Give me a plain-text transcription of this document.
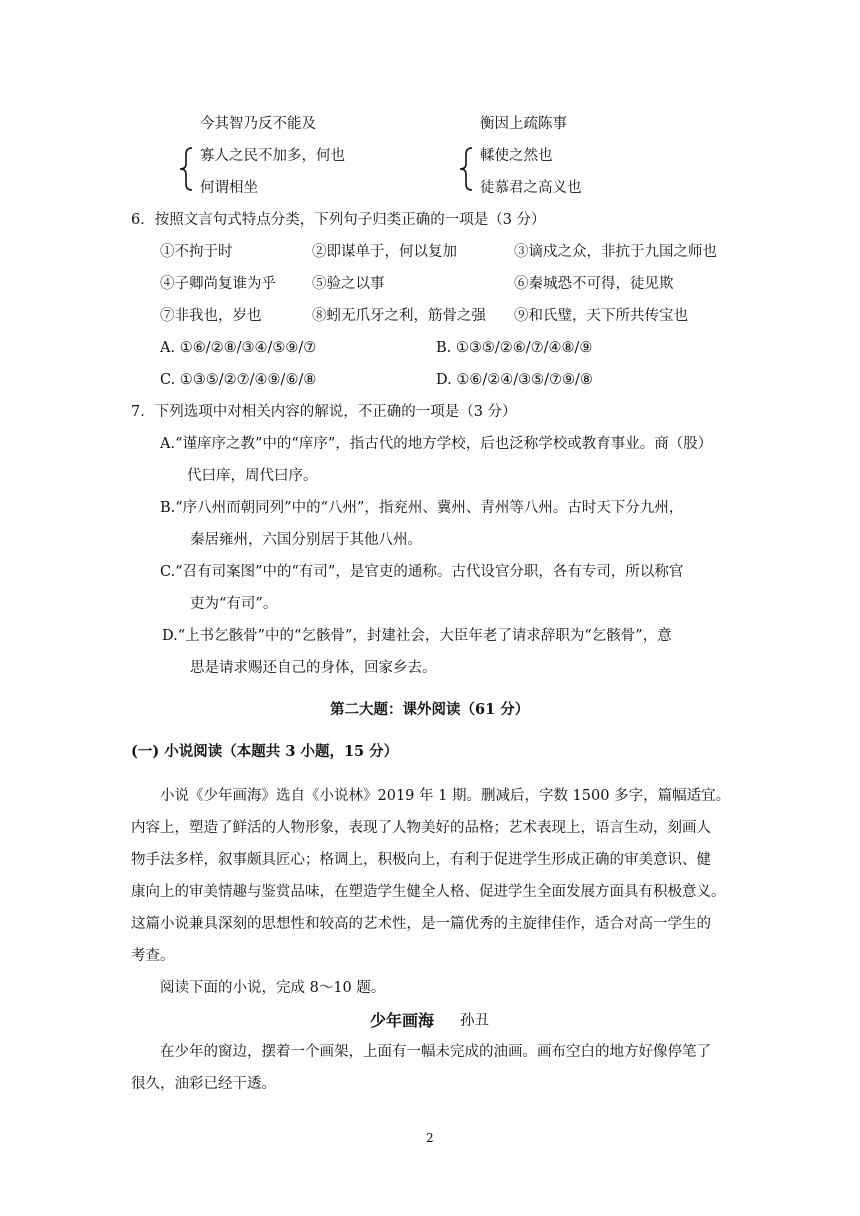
今其智乃反不能及
寡人之民不加多，何也
何谓相坐
衡因上疏陈事
輮使之然也
徒慕君之高义也
6．按照文言句式特点分类，下列句子归类正确的一项是（3 分）
①不拘于时	②即谋单于，何以复加	③谪戍之众，非抗于九国之师也
④子卿尚复谁为乎 ⑤验之以事	⑥秦城恐不可得，徒见欺
⑦非我也，岁也	⑧蚓无爪牙之利，筋骨之强 ⑨和氏璧，天下所共传宝也
A. ①⑥/②⑧/③④/⑤⑨/⑦	B. ①③⑤/②⑥/⑦/④⑧/⑨
C. ①③⑤/②⑦/④⑨/⑥/⑧	D. ①⑥/②④/③⑤/⑦⑨/⑧
7．下列选项中对相关内容的解说，不正确的一项是（3 分）
A.“谨庠序之教”中的“庠序”，指古代的地方学校，后也泛称学校或教育事业。商（股）
代曰庠，周代曰序。
B.“序八州而朝同列”中的“八州”，指兖州、冀州、青州等八州。古时天下分九州，
秦居雍州，六国分别居于其他八州。
C.“召有司案图”中的“有司”，是官吏的通称。古代设官分职，各有专司，所以称官
吏为“有司”。
D.“上书乞骸骨”中的“乞骸骨”，封建社会，大臣年老了请求辞职为“乞骸骨”，意
思是请求赐还自己的身体，回家乡去。
第二大题：课外阅读（61 分）
(一) 小说阅读（本题共 3 小题，15 分）
小说《少年画海》选自《小说林》2019 年 1 期。删减后，字数 1500 多字，篇幅适宜。
内容上，塑造了鲜活的人物形象，表现了人物美好的品格；艺术表现上，语言生动，刻画人
物手法多样，叙事颇具匠心；格调上，积极向上，有利于促进学生形成正确的审美意识、健
康向上的审美情趣与鉴赏品味，在塑造学生健全人格、促进学生全面发展方面具有积极意义。
这篇小说兼具深刻的思想性和较高的艺术性，是一篇优秀的主旋律佳作，适合对高一学生的
考查。
阅读下面的小说，完成 8～10 题。
少年画海 孙丑
在少年的窗边，摆着一个画架，上面有一幅未完成的油画。画布空白的地方好像停笔了
很久，油彩已经干透。
2
